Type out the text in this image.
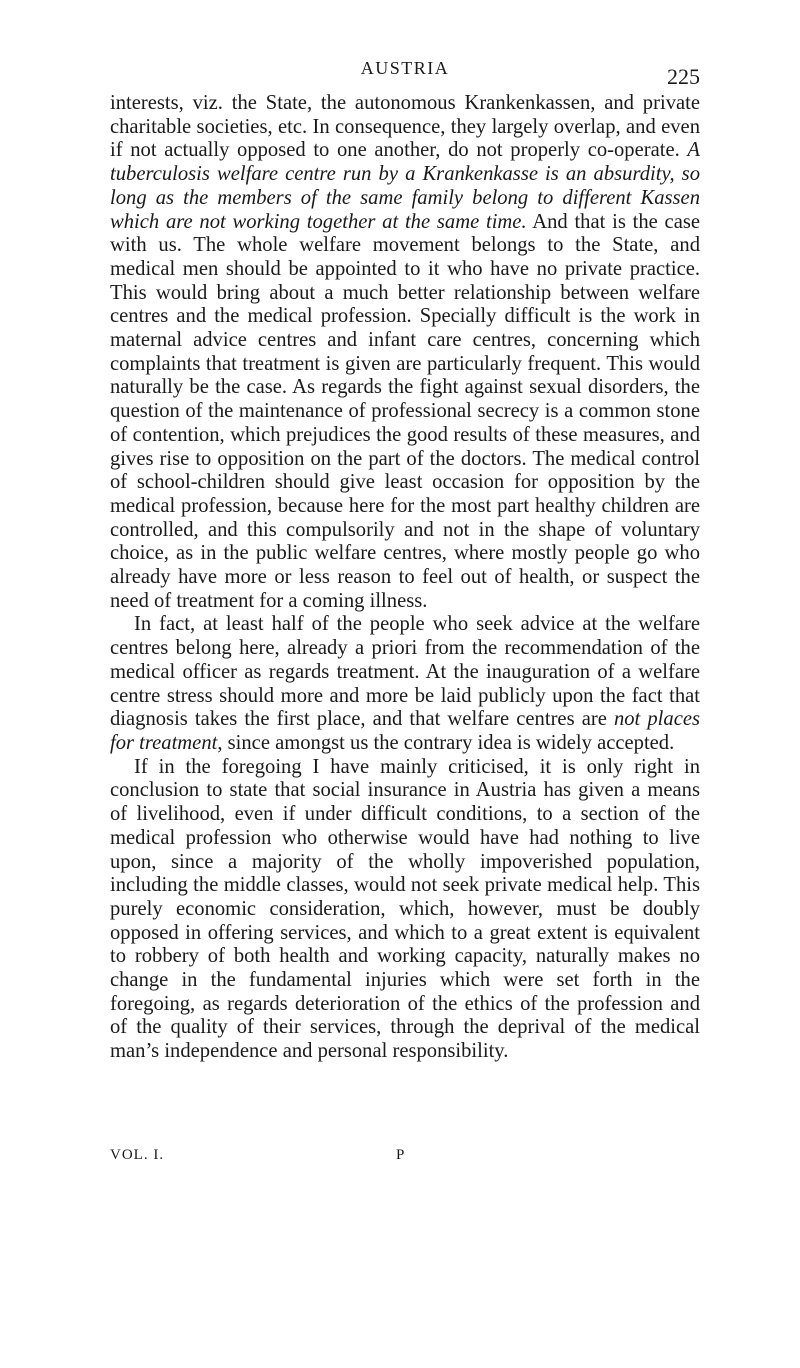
AUSTRIA	225

interests, viz. the State, the autonomous Krankenkassen, and private charitable societies, etc. In consequence, they largely overlap, and even if not actually opposed to one another, do not properly co-operate. A tuberculosis welfare centre run by a Krankenkasse is an absurdity, so long as the members of the same family belong to different Kassen which are not working together at the same time. And that is the case with us. The whole welfare movement belongs to the State, and medical men should be appointed to it who have no private practice. This would bring about a much better relationship between welfare centres and the medical profession. Specially difficult is the work in maternal advice centres and infant care centres, concerning which complaints that treatment is given are particularly frequent. This would naturally be the case. As regards the fight against sexual disorders, the question of the maintenance of professional secrecy is a common stone of contention, which prejudices the good results of these measures, and gives rise to opposition on the part of the doctors. The medical control of school-children should give least occasion for opposition by the medical profession, because here for the most part healthy children are controlled, and this compulsorily and not in the shape of voluntary choice, as in the public welfare centres, where mostly people go who already have more or less reason to feel out of health, or suspect the need of treatment for a coming illness.

In fact, at least half of the people who seek advice at the welfare centres belong here, already a priori from the recommendation of the medical officer as regards treatment. At the inauguration of a welfare centre stress should more and more be laid publicly upon the fact that diagnosis takes the first place, and that welfare centres are not places for treatment, since amongst us the contrary idea is widely accepted.

If in the foregoing I have mainly criticised, it is only right in conclusion to state that social insurance in Austria has given a means of livelihood, even if under difficult conditions, to a section of the medical profession who otherwise would have had nothing to live upon, since a majority of the wholly impoverished population, including the middle classes, would not seek private medical help. This purely economic consideration, which, however, must be doubly opposed in offering services, and which to a great extent is equivalent to robbery of both health and working capacity, naturally makes no change in the fundamental injuries which were set forth in the foregoing, as regards deterioration of the ethics of the profession and of the quality of their services, through the deprival of the medical man’s independence and personal responsibility.

VOL. I.	P
